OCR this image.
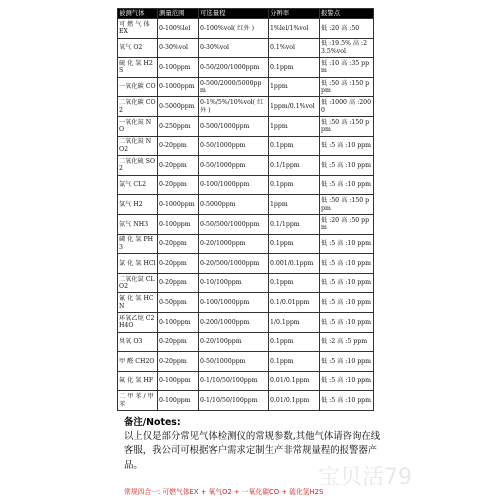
被测气体	测量范围	可选量程	分辨率	报警点
可 燃 气 体 EX	0-100%lel	0-100%vol( 红外 )	1%lel/1%vol	低 :20 高 :50
氧气 O2	0-30%vol	0-30%vol	0.1%vol	低 :19.5% 高 :23.5%vol
硫 化 氢 H2S	0-100ppm	0-50/200/1000ppm	0.1ppm	低 :10 高 :35 ppm
一氧化碳 CO	0-1000ppm	0-500/2000/5000ppm	1ppm	低 :50 高 :150 ppm
二氧化碳 CO2	0-5000ppm	0-1%/5%/10%vol( 红外 )	1ppm/0.1%vol	低 :1000 高 :2000
一氧化氮 NO	0-250ppm	0-500/1000ppm	1ppm	低 :50 高 :150 ppm
二氧化氮 NO2	0-20ppm	0-50/1000ppm	0.1ppm	低 :5 高 :10 ppm
二氧化硫 SO2	0-20ppm	0-50/1000ppm	0.1/1ppm	低 :5 高 :10 ppm
氯气 CL2	0-20ppm	0-100/1000ppm	0.1ppm	低 :5 高 :10 ppm
氢气 H2	0-1000ppm	0-5000ppm	1ppm	低 :50 高 :150 ppm
氨气 NH3	0-100ppm	0-50/500/1000ppm	0.1/1ppm	低 :20 高 :50 ppm
磷 化 氢 PH3	0-20ppm	0-20/1000ppm	0.1ppm	低 :5 高 :10 ppm
氯 化 氢 HCl	0-20ppm	0-20/500/1000ppm	0.001/0.1ppm	低 :5 高 :10 ppm
二氧化氯 CLO2	0-20ppm	0-10/100ppm	0.1ppm	低 :5 高 :10 ppm
氰 化 氢 HCN	0-50ppm	0-100/1000ppm	0.1/0.01ppm	低 :5 高 :10 ppm
环氧乙烷 C2H4O	0-100ppm	0-200/1000ppm	1/0.1ppm	低 :5 高 :10 ppm
臭氧 O3	0-20ppm	0-20/100ppm	0.1ppm	低 :2 高 :5 ppm
甲 醛 CH2O	0-20ppm	0-50/1000ppm	0.1ppm	低 :5 高 :10 ppm
氟 化 氢 HF	0-100ppm	0-1/10/50/100ppm	0.01/0.1ppm	低 :5 高 :10 ppm
二 甲 苯 / 甲苯	0-100ppm	0-1/10/50/100ppm	0.01/0.1ppm	低 :5 高 :10 ppm
备注/Notes:
以上仅是部分常见气体检测仪的常规参数,其他气体请咨询在线客服，我公司可根据客户需求定制生产非常规量程的报警器产品。
常规四合一: 可燃气体EX + 氧气O2 + 一氧化碳CO + 硫化氢H2S
宝贝活79
